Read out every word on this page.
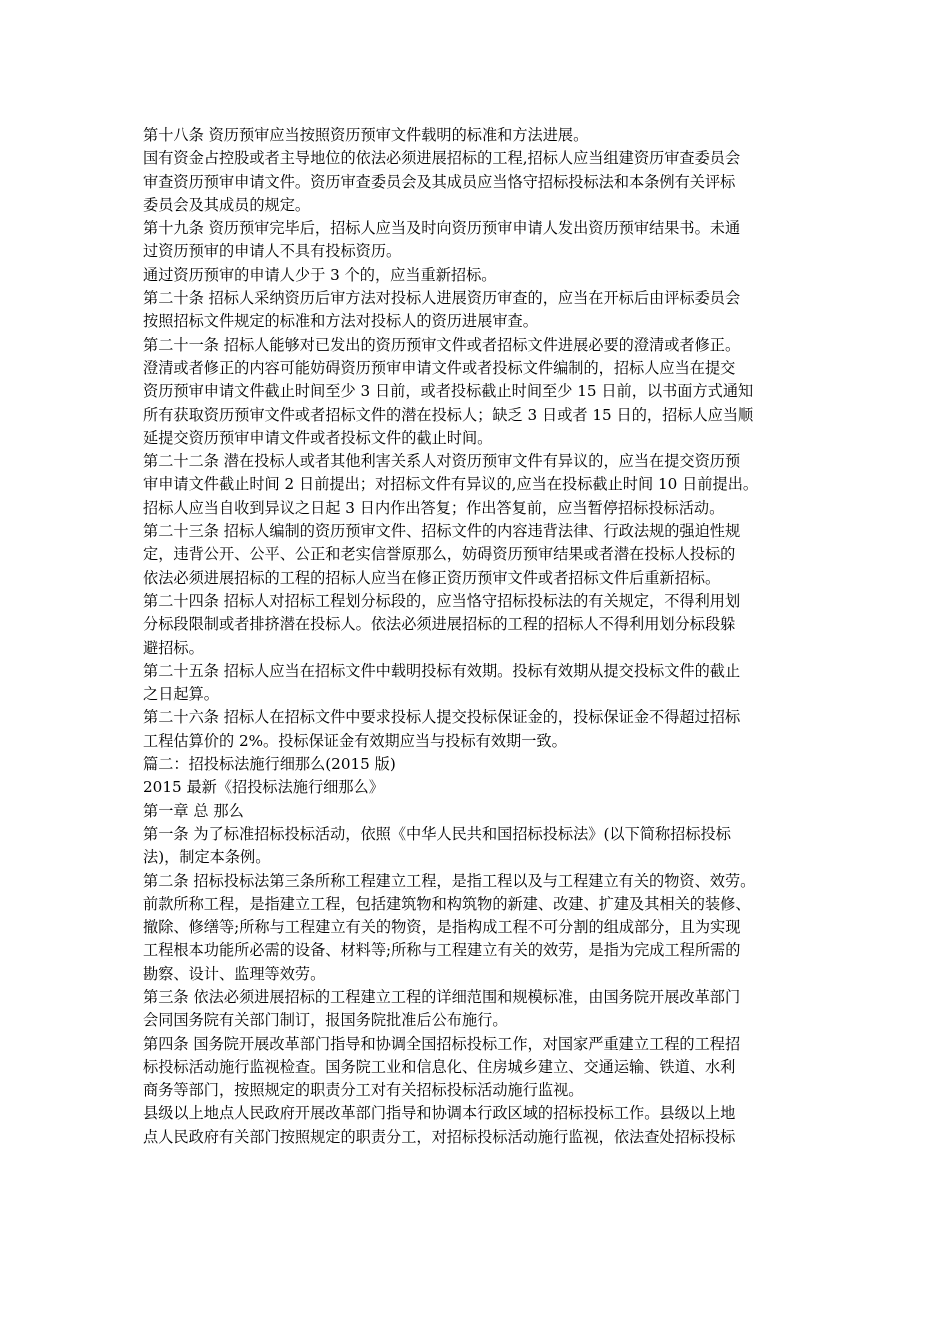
第十八条 资历预审应当按照资历预审文件载明的标准和方法进展。
国有资金占控股或者主导地位的依法必须进展招标的工程,招标人应当组建资历审查委员会
审查资历预审申请文件。资历审查委员会及其成员应当恪守招标投标法和本条例有关评标
委员会及其成员的规定。
第十九条 资历预审完毕后，招标人应当及时向资历预审申请人发出资历预审结果书。未通
过资历预审的申请人不具有投标资历。
通过资历预审的申请人少于 3 个的，应当重新招标。
第二十条 招标人采纳资历后审方法对投标人进展资历审查的，应当在开标后由评标委员会
按照招标文件规定的标准和方法对投标人的资历进展审查。
第二十一条 招标人能够对已发出的资历预审文件或者招标文件进展必要的澄清或者修正。
澄清或者修正的内容可能妨碍资历预审申请文件或者投标文件编制的，招标人应当在提交
资历预审申请文件截止时间至少 3 日前，或者投标截止时间至少 15 日前，以书面方式通知
所有获取资历预审文件或者招标文件的潜在投标人；缺乏 3 日或者 15 日的，招标人应当顺
延提交资历预审申请文件或者投标文件的截止时间。
第二十二条 潜在投标人或者其他利害关系人对资历预审文件有异议的，应当在提交资历预
审申请文件截止时间 2 日前提出；对招标文件有异议的,应当在投标截止时间 10 日前提出。
招标人应当自收到异议之日起 3 日内作出答复；作出答复前，应当暂停招标投标活动。
第二十三条 招标人编制的资历预审文件、招标文件的内容违背法律、行政法规的强迫性规
定，违背公开、公平、公正和老实信誉原那么，妨碍资历预审结果或者潜在投标人投标的
依法必须进展招标的工程的招标人应当在修正资历预审文件或者招标文件后重新招标。
第二十四条 招标人对招标工程划分标段的，应当恪守招标投标法的有关规定，不得利用划
分标段限制或者排挤潜在投标人。依法必须进展招标的工程的招标人不得利用划分标段躲
避招标。
第二十五条 招标人应当在招标文件中载明投标有效期。投标有效期从提交投标文件的截止
之日起算。
第二十六条 招标人在招标文件中要求投标人提交投标保证金的，投标保证金不得超过招标
工程估算价的 2%。投标保证金有效期应当与投标有效期一致。
篇二：招投标法施行细那么(2015 版)
2015 最新《招投标法施行细那么》
第一章 总 那么
第一条 为了标准招标投标活动，依照《中华人民共和国招标投标法》(以下简称招标投标
法)，制定本条例。
第二条 招标投标法第三条所称工程建立工程，是指工程以及与工程建立有关的物资、效劳。
前款所称工程，是指建立工程，包括建筑物和构筑物的新建、改建、扩建及其相关的装修、
撤除、修缮等;所称与工程建立有关的物资，是指构成工程不可分割的组成部分，且为实现
工程根本功能所必需的设备、材料等;所称与工程建立有关的效劳，是指为完成工程所需的
勘察、设计、监理等效劳。
第三条 依法必须进展招标的工程建立工程的详细范围和规模标准，由国务院开展改革部门
会同国务院有关部门制订，报国务院批准后公布施行。
第四条 国务院开展改革部门指导和协调全国招标投标工作，对国家严重建立工程的工程招
标投标活动施行监视检查。国务院工业和信息化、住房城乡建立、交通运输、铁道、水利
商务等部门，按照规定的职责分工对有关招标投标活动施行监视。
县级以上地点人民政府开展改革部门指导和协调本行政区域的招标投标工作。县级以上地
点人民政府有关部门按照规定的职责分工，对招标投标活动施行监视，依法查处招标投标
